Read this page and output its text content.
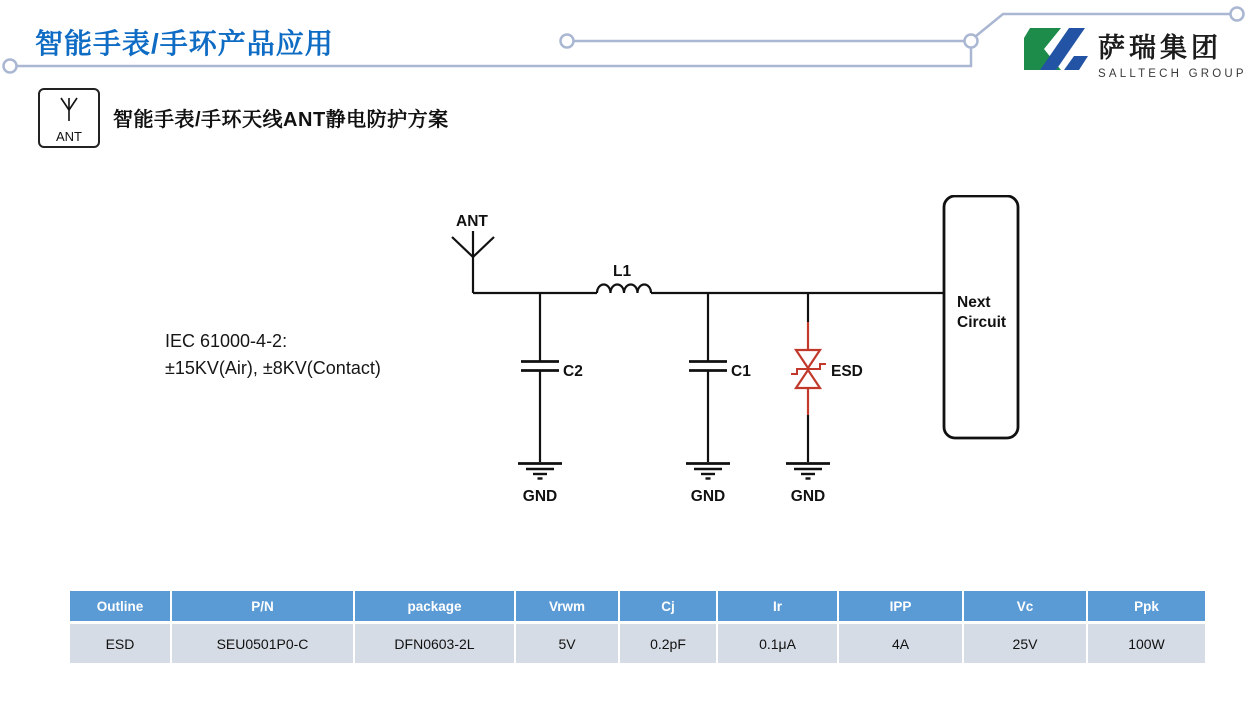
智能手表/手环产品应用	萨瑞集团
SALLTECH GROUP
ANT
智能手表/手环天线ANT静电防护方案
IEC 61000-4-2:
±15KV(Air), ±8KV(Contact)
ANT
L1
C2	C1	ESD
GND	GND	GND
Next
Circuit
Outline	P/N	package	Vrwm	Cj	Ir	IPP	Vc	Ppk
ESD	SEU0501P0-C	DFN0603-2L	5V	0.2pF	0.1μA	4A	25V	100W
